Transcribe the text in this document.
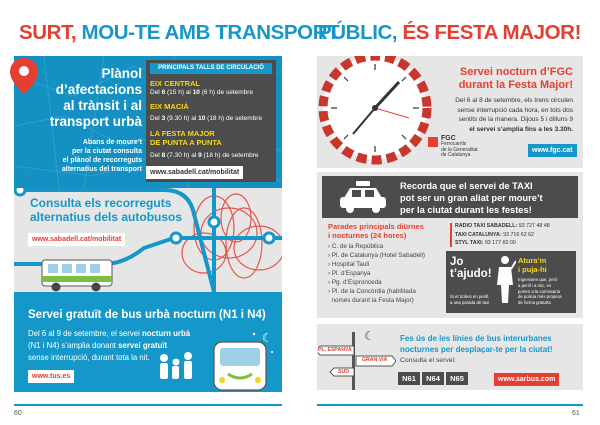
SURT, MOU-TE AMB TRANSPORT
Plànol
d’afectacions
al trànsit i al
transport urbà
Abans de moure’t
per la ciutat consulta
el plànol de recorreguts
alternatius del transport
PRINCIPALS TALLS DE CIRCULACIÓ
EIX CENTRAL
Del 6 (15 h) al 10 (6 h) de setembre
EIX MACIÀ
Del 3 (9.30 h) al 10 (18 h) de setembre
LA FESTA MAJOR
DE PUNTA A PUNTA
Del 8 (7.30 h) al 9 (18 h) de setembre
www.sabadell.cat/mobilitat
Consulta els recorreguts
alternatius dels autobusos
www.sabadell.cat/mobilitat
Servei gratuït de bus urbà nocturn (N1 i N4)
Del 6 al 9 de setembre, el servei nocturn urbà
(N1 i N4) s’amplia donant servei gratuït
sense interrupció, durant tota la nit.
www.tus.es
☾
60
PÚBLIC, ÉS FESTA MAJOR!
Servei nocturn d’FGC
durant la Festa Major!
Del 6 al 8 de setembre, els trens circulen
sense interrupció cada hora, en tots dos
sentits de la manera. Dijous 5 i dilluns 9
el servei s’amplia fins a les 3.30h.
FGC
Ferrocarrils
de la Generalitat
de Catalunya
www.fgc.cat
Recorda que el servei de TAXI
pot ser un gran aliat per moure’t
per la ciutat durant les festes!
Parades principals diürnes
i nocturnes (24 hores)
› C. de la República
› Pl. de Catalunya (Hotel Sabadell)
› Hospital Taulí
› Pl. d’Espanya
› Pg. d’Espronceda
› Pl. de la Concòrdia (habilitada
només durant la Festa Major)
RADIO TAXI SABADELL: 93 727 48 48
TAXI CATALUNYA: 93 716 62 62
STYL TAXI: 93 177 60 00
Jo t’ajudo!
Si et trobes en perill,
a una parada de taxi
Atura’m
i puja-hi
Ingressem que, però
a perill i a risc, es
porten a la comissaria
de policia més propera
de forma gratuïta
☾
PL. ESPANYA
GRAN VIA
SUD
Fes ús de les línies de bus interurbanes
nocturnes per desplaçar-te per la ciutat!
Consulta el servei:
N61	N64	N65	www.sarbus.com
61
